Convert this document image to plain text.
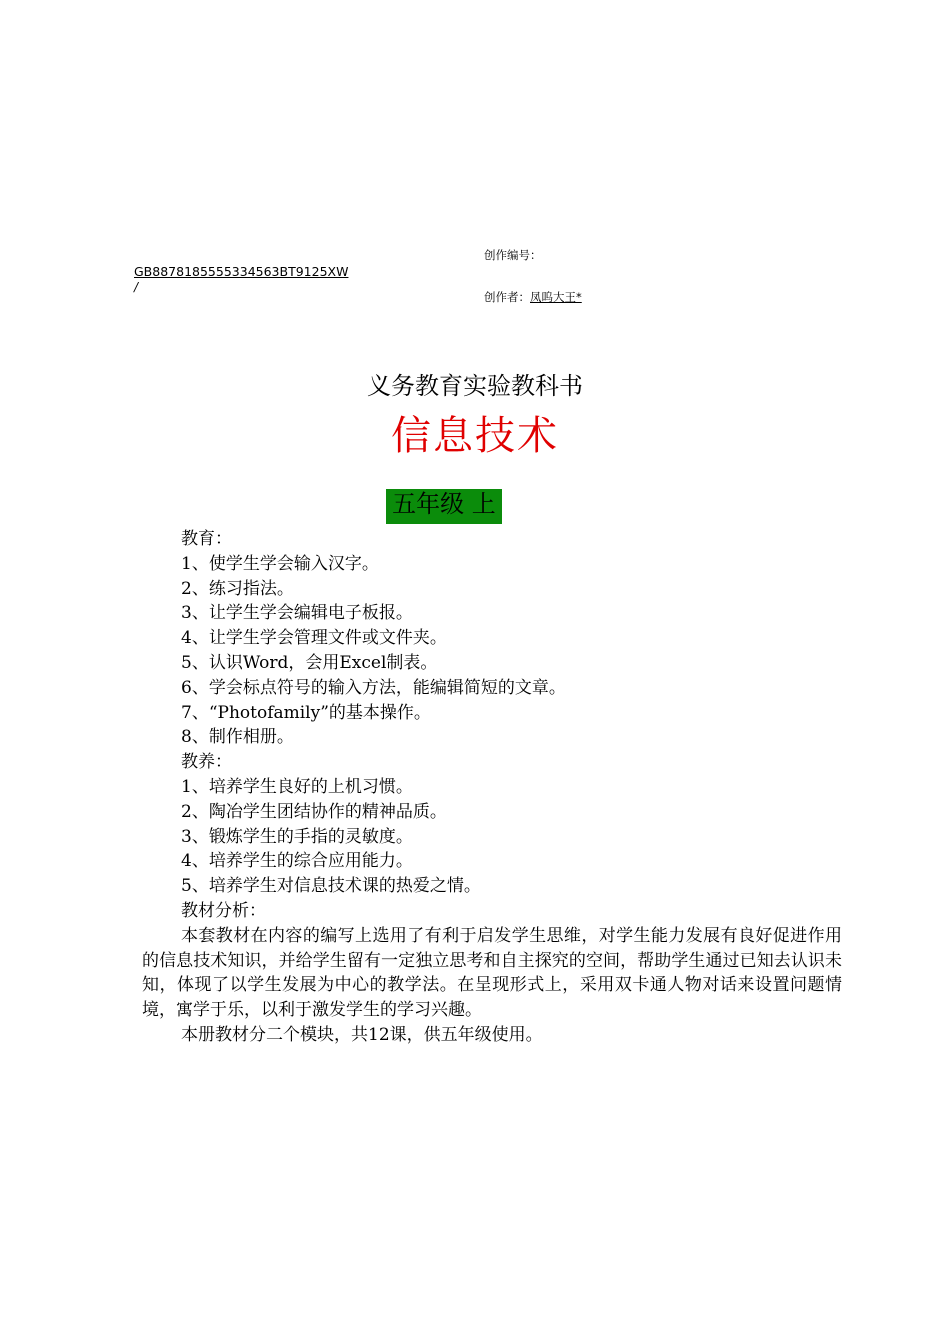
创作编号：
GB8878185555334563BT9125XW
/
创作者：凤呜大王*
义务教育实验教科书
信息技术
五年级 上
教育：
1、使学生学会输入汉字。
2、练习指法。
3、让学生学会编辑电子板报。
4、让学生学会管理文件或文件夹。
5、认识Word，会用Excel制表。
6、学会标点符号的输入方法，能编辑简短的文章。
7、“Photofamily”的基本操作。
8、制作相册。
教养：
1、培养学生良好的上机习惯。
2、陶冶学生团结协作的精神品质。
3、锻炼学生的手指的灵敏度。
4、培养学生的综合应用能力。
5、培养学生对信息技术课的热爱之情。
教材分析：
本套教材在内容的编写上选用了有利于启发学生思维，对学生能力发展有良好促进作用的信息技术知识，并给学生留有一定独立思考和自主探究的空间，帮助学生通过已知去认识未知，体现了以学生发展为中心的教学法。在呈现形式上，采用双卡通人物对话来设置问题情境，寓学于乐，以利于激发学生的学习兴趣。
本册教材分二个模块，共12课，供五年级使用。
